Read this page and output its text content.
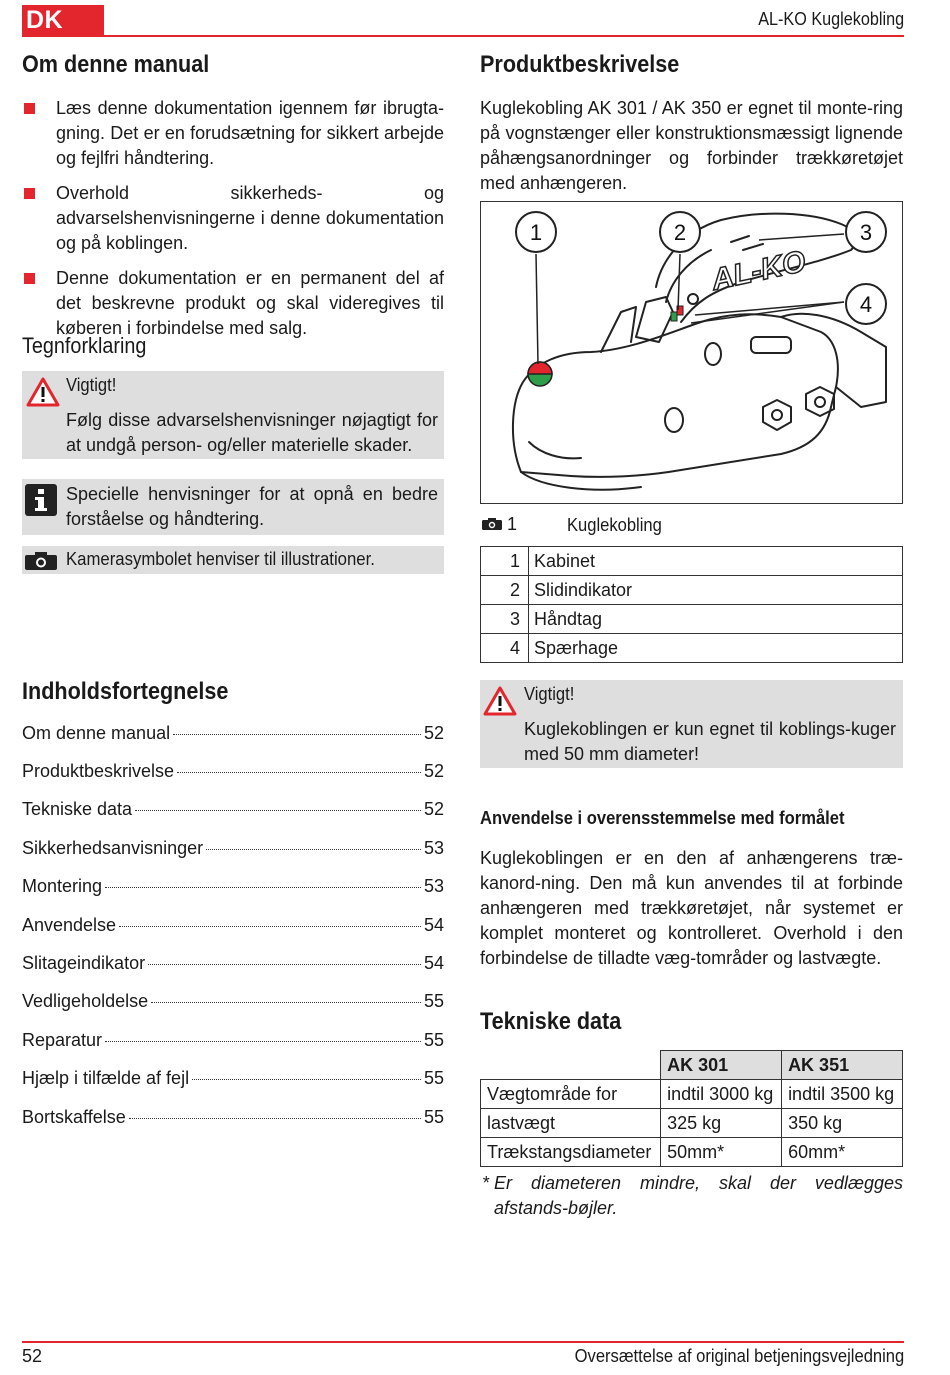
DK	AL-KO Kuglekobling
Om denne manual
Læs denne dokumentation igennem før ibrugta-gning. Det er en forudsætning for sikkert arbejde og fejlfri håndtering.
Overhold sikkerheds- og advarselshenvisningerne i denne dokumentation og på koblingen.
Denne dokumentation er en permanent del af det beskrevne produkt og skal videregives til køberen i forbindelse med salg.
Tegnforklaring
Vigtigt!
Følg disse advarselshenvisninger nøjagtigt for at undgå person- og/eller materielle skader.
Specielle henvisninger for at opnå en bedre forståelse og håndtering.
Kamerasymbolet henviser til illustrationer.
Indholdsfortegnelse
Om denne manual	52
Produktbeskrivelse	52
Tekniske data	52
Sikkerhedsanvisninger	53
Montering	53
Anvendelse	54
Slitageindikator	54
Vedligeholdelse	55
Reparatur	55
Hjælp i tilfælde af fejl	55
Bortskaffelse	55
Produktbeskrivelse
Kuglekobling AK 301 / AK 350 er egnet til monte-ring på vognstænger eller konstruktionsmæssigt lignende påhængsanordninger og forbinder trækkøretøjet med anhængeren.
AL-KO
1	2	3
4
1	Kuglekobling
1	Kabinet
2	Slidindikator
3	Håndtag
4	Spærhage
Vigtigt!
Kuglekoblingen er kun egnet til koblings-kuger med 50 mm diameter!
Anvendelse i overensstemmelse med formålet
Kuglekoblingen er en den af anhængerens træ-kanord-ning. Den må kun anvendes til at forbinde anhængeren med trækkøretøjet, når systemet er komplet monteret og kontrolleret. Overhold i den forbindelse de tilladte væg-tområder og lastvægte.
Tekniske data
	AK 301	AK 351
Vægtområde for	indtil 3000 kg	indtil 3500 kg
lastvægt	325 kg	350 kg
Trækstangsdiameter	50mm*	60mm*
* Er diameteren mindre, skal der vedlægges afstands-bøjler.
52	Oversættelse af original betjeningsvejledning
